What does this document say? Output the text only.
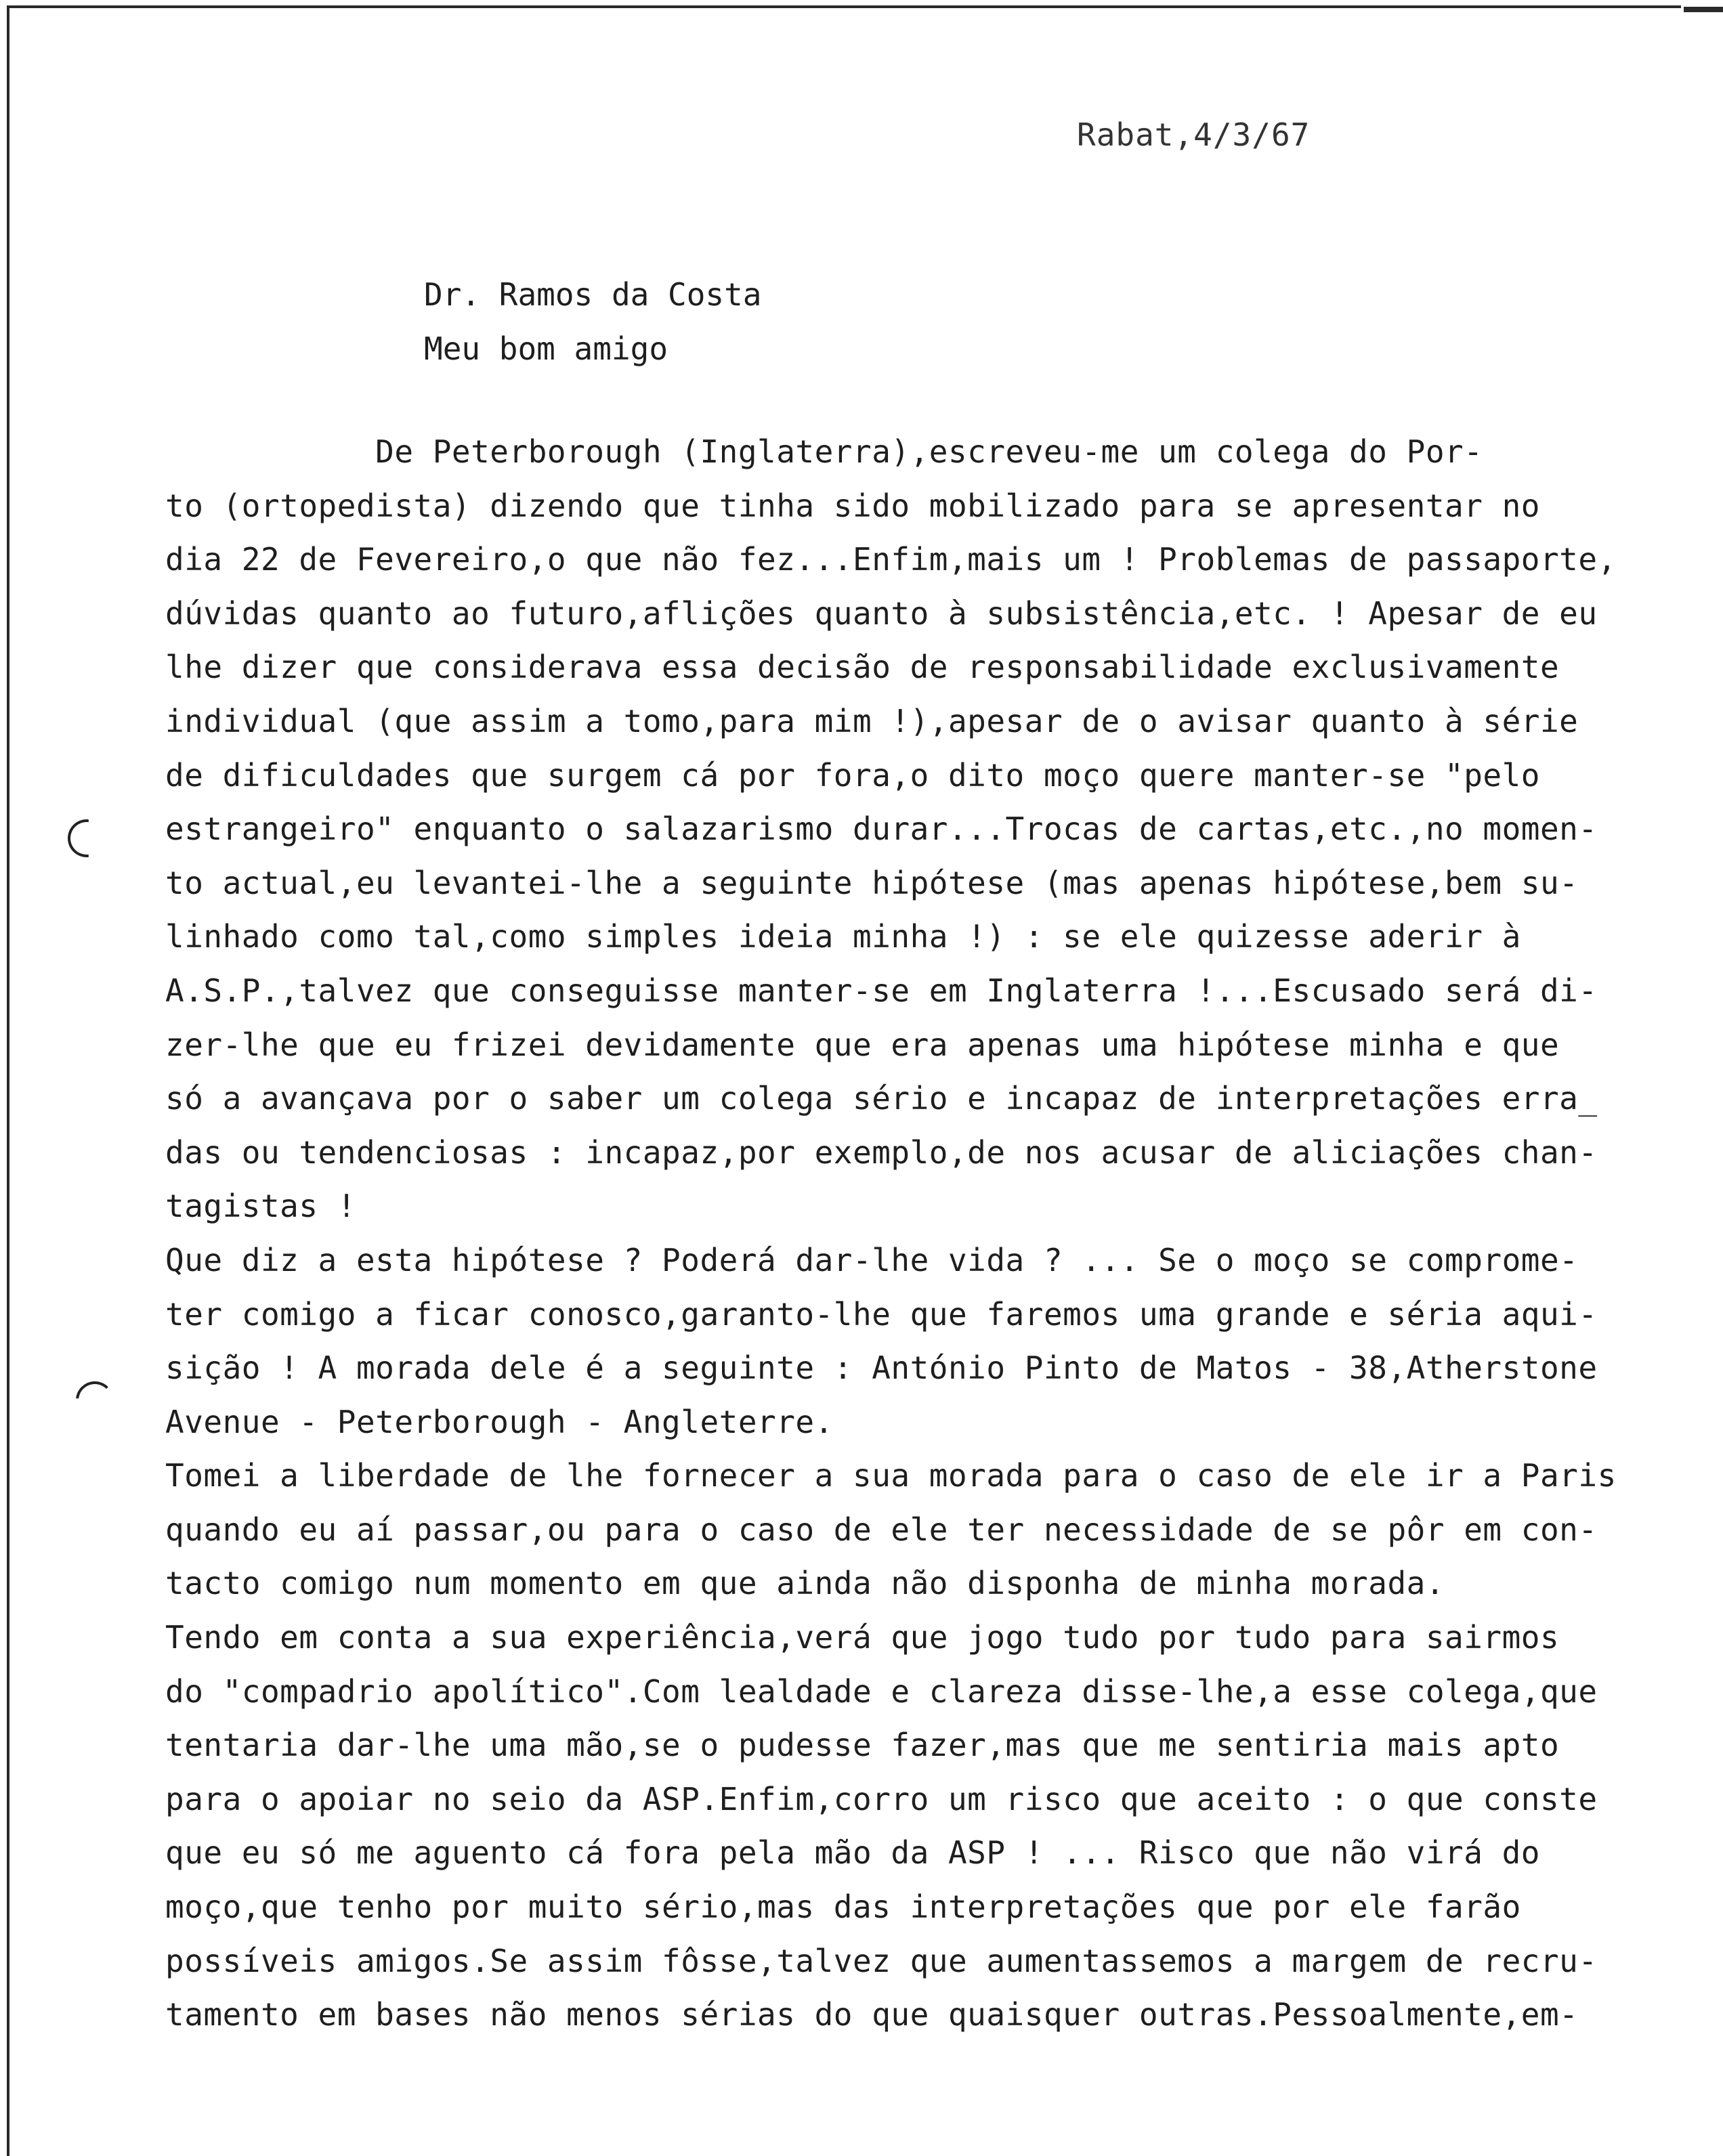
Rabat,4/3/67
Dr. Ramos da Costa
Meu bom amigo
De Peterborough (Inglaterra),escreveu-me um colega do Por-
to (ortopedista) dizendo que tinha sido mobilizado para se apresentar no
dia 22 de Fevereiro,o que não fez...Enfim,mais um ! Problemas de passaporte,
dúvidas quanto ao futuro,aflições quanto à subsistência,etc. ! Apesar de eu
lhe dizer que considerava essa decisão de responsabilidade exclusivamente
individual (que assim a tomo,para mim !),apesar de o avisar quanto à série
de dificuldades que surgem cá por fora,o dito moço quere manter-se "pelo
estrangeiro" enquanto o salazarismo durar...Trocas de cartas,etc.,no momen-
to actual,eu levantei-lhe a seguinte hipótese (mas apenas hipótese,bem su-
linhado como tal,como simples ideia minha !) : se ele quizesse aderir à
A.S.P.,talvez que conseguisse manter-se em Inglaterra !...Escusado será di-
zer-lhe que eu frizei devidamente que era apenas uma hipótese minha e que
só a avançava por o saber um colega sério e incapaz de interpretações erra_
das ou tendenciosas : incapaz,por exemplo,de nos acusar de aliciações chan-
tagistas !
Que diz a esta hipótese ? Poderá dar-lhe vida ? ... Se o moço se comprome-
ter comigo a ficar conosco,garanto-lhe que faremos uma grande e séria aqui-
sição ! A morada dele é a seguinte : António Pinto de Matos - 38,Atherstone
Avenue - Peterborough - Angleterre.
Tomei a liberdade de lhe fornecer a sua morada para o caso de ele ir a Paris
quando eu aí passar,ou para o caso de ele ter necessidade de se pôr em con-
tacto comigo num momento em que ainda não disponha de minha morada.
Tendo em conta a sua experiência,verá que jogo tudo por tudo para sairmos
do "compadrio apolítico".Com lealdade e clareza disse-lhe,a esse colega,que
tentaria dar-lhe uma mão,se o pudesse fazer,mas que me sentiria mais apto
para o apoiar no seio da ASP.Enfim,corro um risco que aceito : o que conste
que eu só me aguento cá fora pela mão da ASP ! ... Risco que não virá do
moço,que tenho por muito sério,mas das interpretações que por ele farão
possíveis amigos.Se assim fôsse,talvez que aumentassemos a margem de recru-
tamento em bases não menos sérias do que quaisquer outras.Pessoalmente,em-
